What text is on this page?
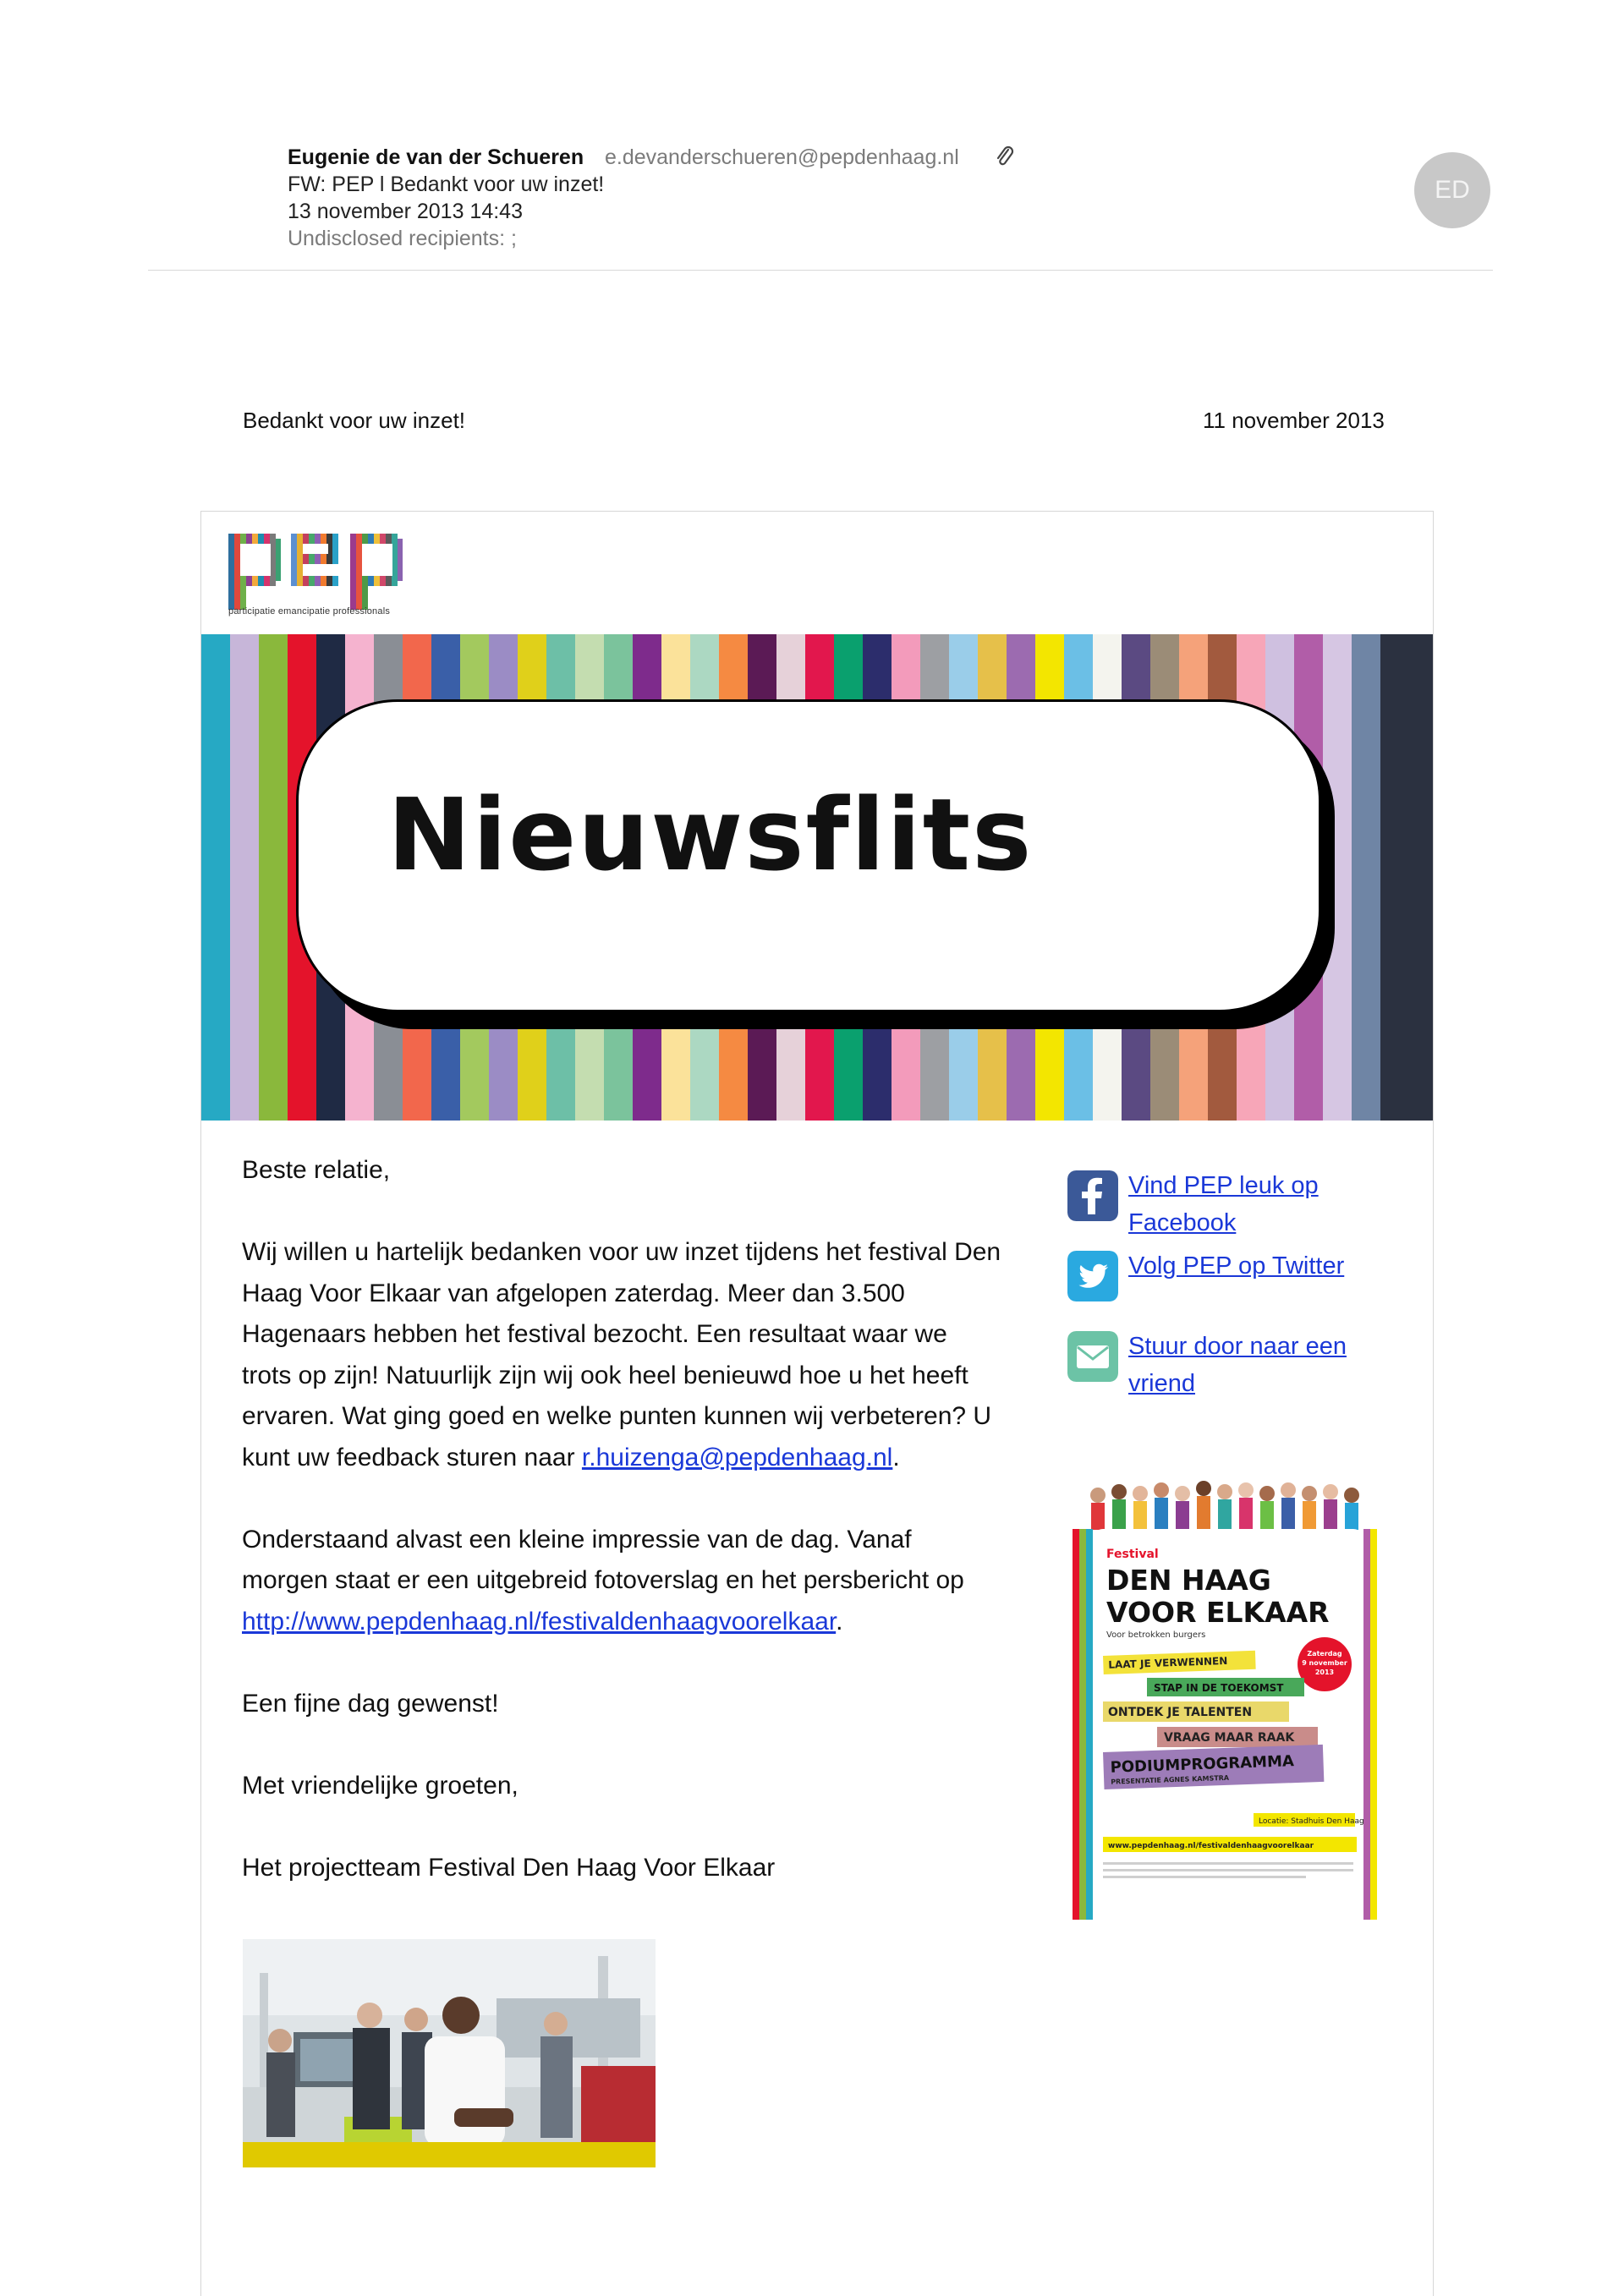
Eugenie de van der Schueren e.devanderschueren@pepdenhaag.nl
FW: PEP l Bedankt voor uw inzet!
13 november 2013 14:43
Undisclosed recipients: ;
ED
Bedankt voor uw inzet!	11 november 2013
participatie emancipatie professionals
Nieuwsflits

Beste relatie,

Wij willen u hartelijk bedanken voor uw inzet tijdens het festival Den Haag Voor Elkaar van afgelopen zaterdag. Meer dan 3.500 Hagenaars hebben het festival bezocht. Een resultaat waar we trots op zijn! Natuurlijk zijn wij ook heel benieuwd hoe u het heeft ervaren. Wat ging goed en welke punten kunnen wij verbeteren? U kunt uw feedback sturen naar r.huizenga@pepdenhaag.nl.

Onderstaand alvast een kleine impressie van de dag. Vanaf morgen staat er een uitgebreid fotoverslag en het persbericht op http://www.pepdenhaag.nl/festivaldenhaagvoorelkaar.

Een fijne dag gewenst!

Met vriendelijke groeten,

Het projectteam Festival Den Haag Voor Elkaar

Vind PEP leuk op Facebook
Volg PEP op Twitter
Stuur door naar een vriend
Festival
DEN HAAG
VOOR ELKAAR
Voor betrokken burgers
Zaterdag
9 november
2013
LAAT JE VERWENNEN
STAP IN DE TOEKOMST
ONTDEK JE TALENTEN
VRAAG MAAR RAAK
PODIUMPROGRAMMA
PRESENTATIE AGNES KAMSTRA
Locatie: Stadhuis Den Haag
www.pepdenhaag.nl/festivaldenhaagvoorelkaar
